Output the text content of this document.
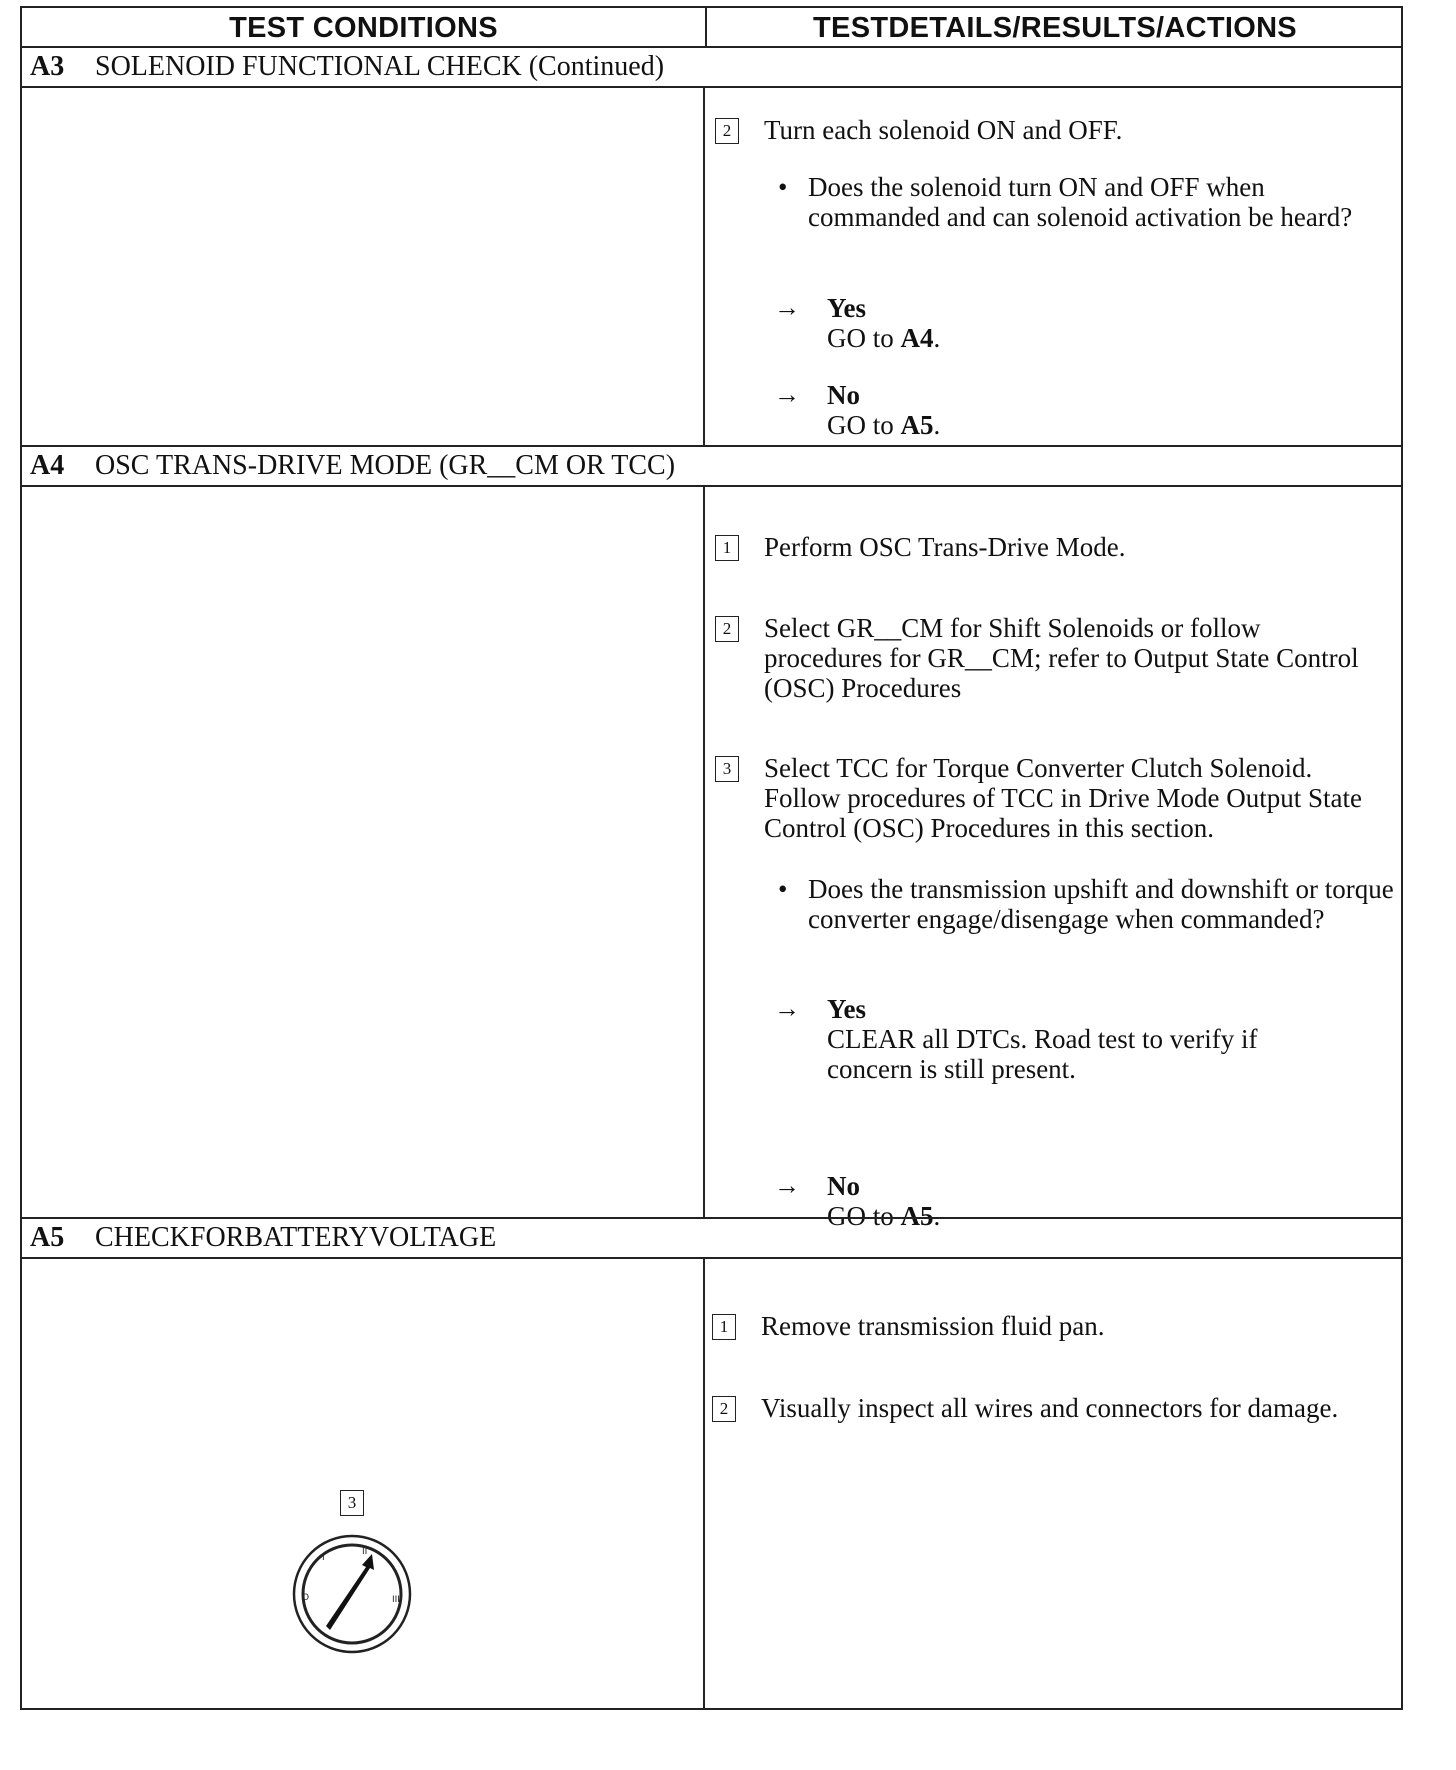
TEST CONDITIONS	TESTDETAILS/RESULTS/ACTIONS
A3 SOLENOID FUNCTIONAL CHECK (Continued)
2 Turn each solenoid ON and OFF.
• Does the solenoid turn ON and OFF when commanded and can solenoid activation be heard?
→ Yes
GO to A4.
→ No
GO to A5.
A4 OSC TRANS-DRIVE MODE (GR__CM OR TCC)
1 Perform OSC Trans-Drive Mode.
2 Select GR__CM for Shift Solenoids or follow procedures for GR__CM; refer to Output State Control (OSC) Procedures
3 Select TCC for Torque Converter Clutch Solenoid. Follow procedures of TCC in Drive Mode Output State Control (OSC) Procedures in this section.
• Does the transmission upshift and downshift or torque converter engage/disengage when commanded?
→ Yes
CLEAR all DTCs. Road test to verify if concern is still present.
→ No
GO to A5.
A5 CHECKFORBATTERYVOLTAGE
1 Remove transmission fluid pan.
2 Visually inspect all wires and connectors for damage.
3
O
I
II
III
